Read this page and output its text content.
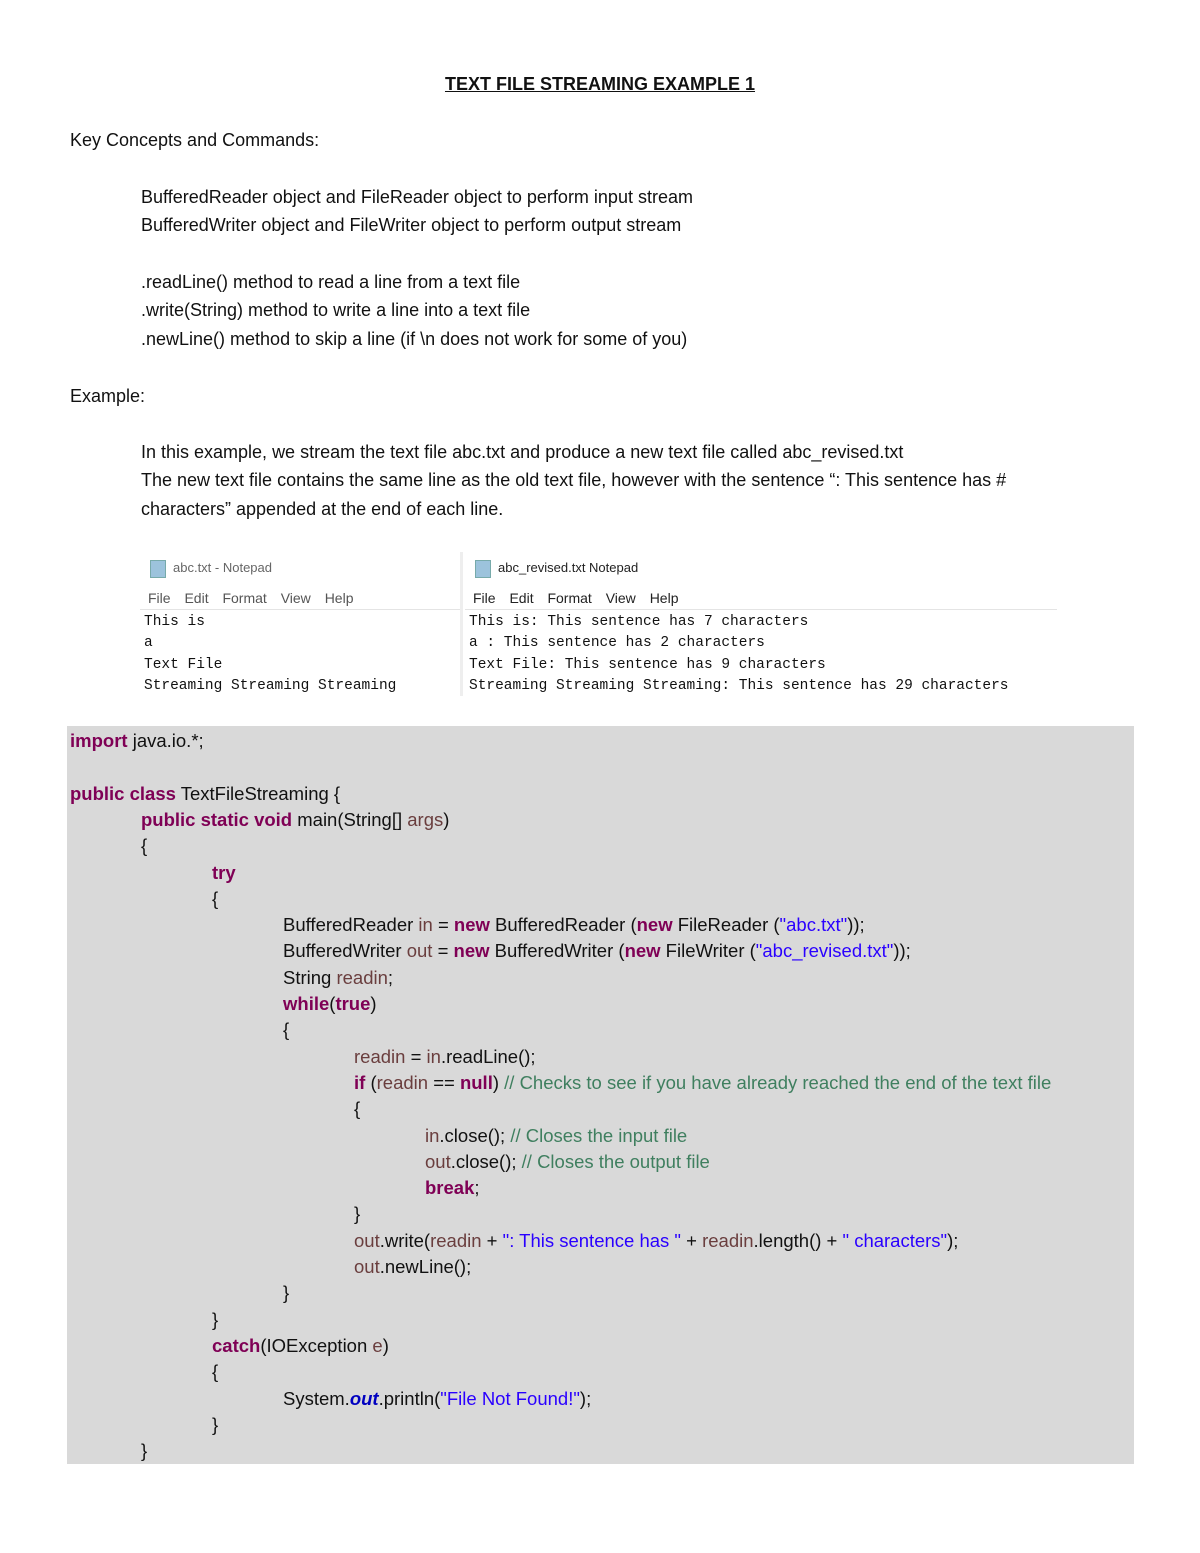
TEXT FILE STREAMING EXAMPLE 1
Key Concepts and Commands:
BufferedReader object and FileReader object to perform input stream
BufferedWriter object and FileWriter object to perform output stream
.readLine() method to read a line from a text file
.write(String) method to write a line into a text file
.newLine() method to skip a line (if \n does not work for some of you)
Example:
In this example, we stream the text file abc.txt and produce a new text file called abc_revised.txt
The new text file contains the same line as the old text file, however with the sentence “: This sentence has #
characters” appended at the end of each line.
abc.txt - Notepad
File Edit Format View Help
This is
a
Text File
Streaming Streaming Streaming
abc_revised.txt Notepad
File Edit Format View Help
This is: This sentence has 7 characters
a : This sentence has 2 characters
Text File: This sentence has 9 characters
Streaming Streaming Streaming: This sentence has 29 characters
import java.io.*;
public class TextFileStreaming {
public static void main(String[] args)
{
try
{
BufferedReader in = new BufferedReader (new FileReader ("abc.txt"));
BufferedWriter out = new BufferedWriter (new FileWriter ("abc_revised.txt"));
String readin;
while(true)
{
readin = in.readLine();
if (readin == null) // Checks to see if you have already reached the end of the text file
{
in.close(); // Closes the input file
out.close(); // Closes the output file
break;
}
out.write(readin + ": This sentence has " + readin.length() + " characters");
out.newLine();
}
}
catch(IOException e)
{
System.out.println("File Not Found!");
}
}
